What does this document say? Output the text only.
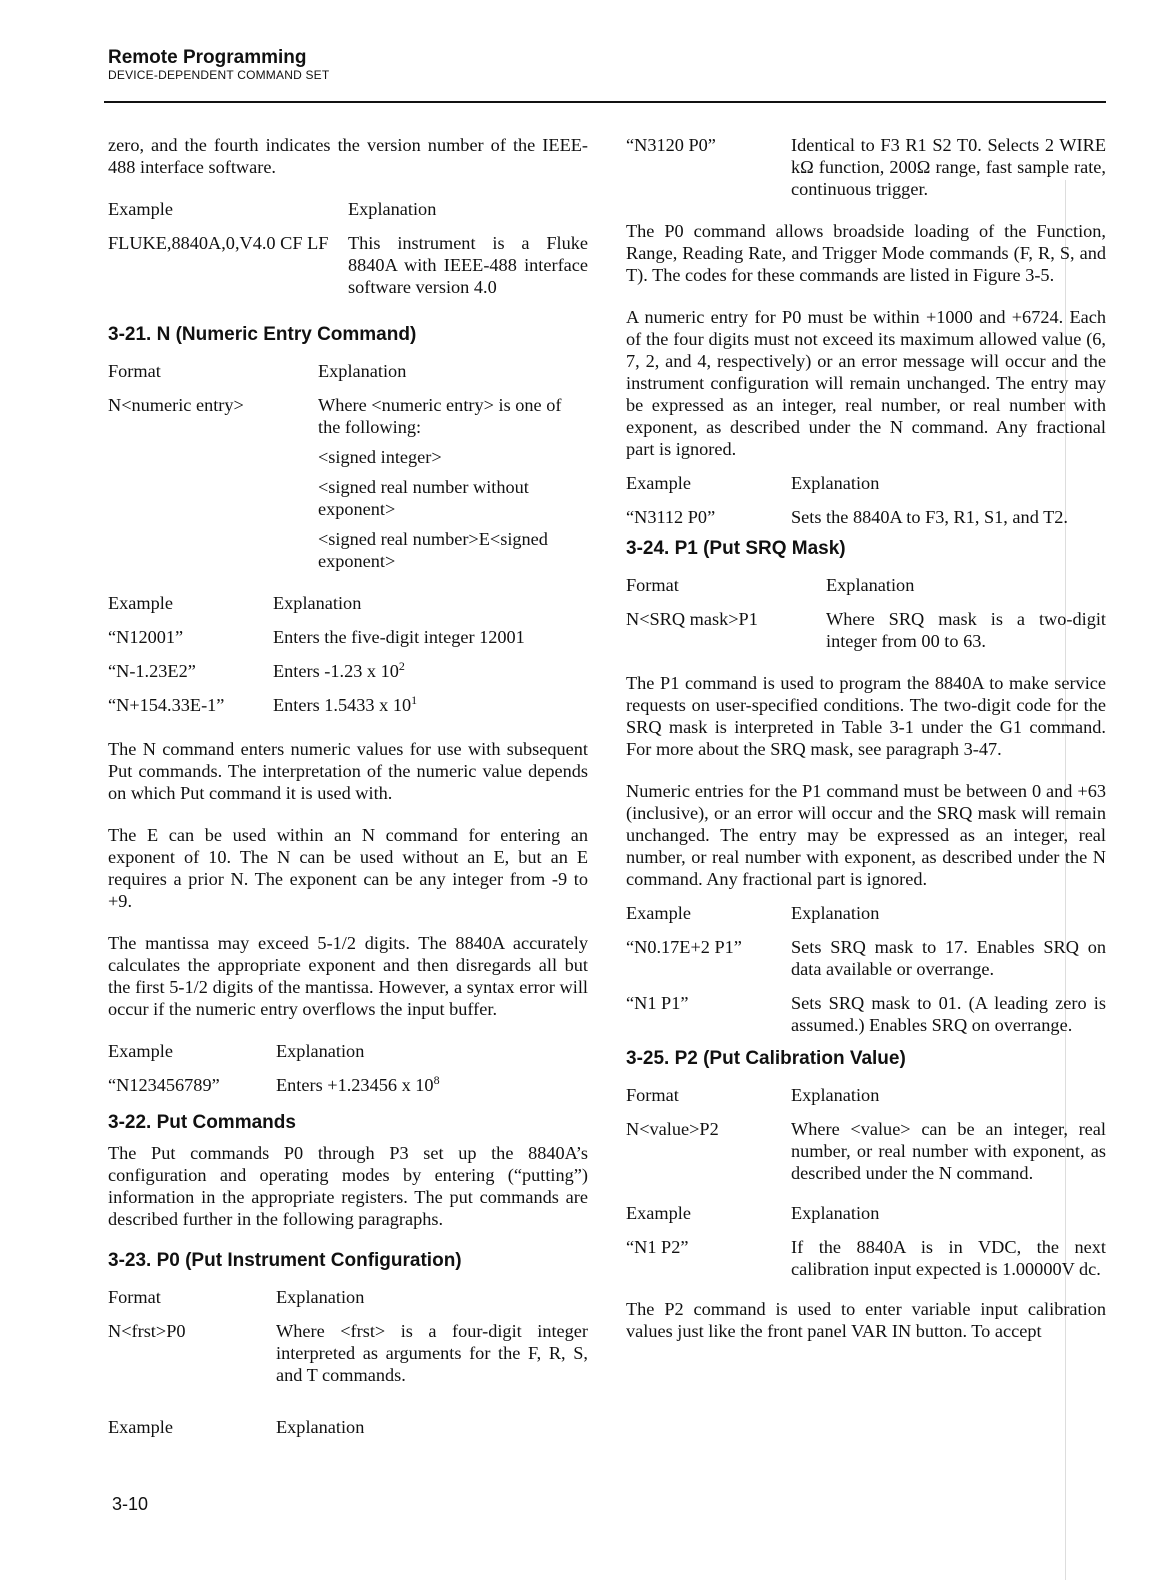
Remote Programming
DEVICE-DEPENDENT COMMAND SET

zero, and the fourth indicates the version number of the IEEE-488 interface software.

Example	Explanation
FLUKE,8840A,0,V4.0 CF LF	This instrument is a Fluke 8840A with IEEE-488 interface software version 4.0
3-21. N (Numeric Entry Command)
Format	Explanation
N<numeric entry>	Where <numeric entry> is one of the following:
<signed integer>
<signed real number without exponent>
<signed real number>E<signed exponent>
Example	Explanation
“N12001”	Enters the five-digit integer 12001
“N-1.23E2”	Enters -1.23 x $10^2$
“N+154.33E-1”	Enters 1.5433 x $10^1$

The N command enters numeric values for use with subsequent Put commands. The interpretation of the numeric value depends on which Put command it is used with.

The E can be used within an N command for entering an exponent of 10. The N can be used without an E, but an E requires a prior N. The exponent can be any integer from -9 to +9.

The mantissa may exceed 5-1/2 digits. The 8840A accurately calculates the appropriate exponent and then disregards all but the first 5-1/2 digits of the mantissa. However, a syntax error will occur if the numeric entry overflows the input buffer.

Example	Explanation
“N123456789”	Enters +1.23456 x $10^8$
3-22. Put Commands

The Put commands P0 through P3 set up the 8840A’s configuration and operating modes by entering (“putting”) information in the appropriate registers. The put commands are described further in the following paragraphs.

3-23. P0 (Put Instrument Configuration)
Format	Explanation
N<frst>P0	Where <frst> is a four-digit integer interpreted as arguments for the F, R, S, and T commands.
Example	Explanation
“N3120 P0”	Identical to F3 R1 S2 T0. Selects 2 WIRE kΩ function, 200Ω range, fast sample rate, continuous trigger.

The P0 command allows broadside loading of the Function, Range, Reading Rate, and Trigger Mode commands (F, R, S, and T). The codes for these commands are listed in Figure 3-5.

A numeric entry for P0 must be within +1000 and +6724. Each of the four digits must not exceed its maximum allowed value (6, 7, 2, and 4, respectively) or an error message will occur and the instrument configuration will remain unchanged. The entry may be expressed as an integer, real number, or real number with exponent, as described under the N command. Any fractional part is ignored.

Example	Explanation
“N3112 P0”	Sets the 8840A to F3, R1, S1, and T2.
3-24. P1 (Put SRQ Mask)
Format	Explanation
N<SRQ mask>P1	Where SRQ mask is a two-digit integer from 00 to 63.

The P1 command is used to program the 8840A to make service requests on user-specified conditions. The two-digit code for the SRQ mask is interpreted in Table 3-1 under the G1 command. For more about the SRQ mask, see paragraph 3-47.

Numeric entries for the P1 command must be between 0 and +63 (inclusive), or an error will occur and the SRQ mask will remain unchanged. The entry may be expressed as an integer, real number, or real number with exponent, as described under the N command. Any fractional part is ignored.

Example	Explanation
“N0.17E+2 P1”	Sets SRQ mask to 17. Enables SRQ on data available or overrange.
“N1 P1”	Sets SRQ mask to 01. (A leading zero is assumed.) Enables SRQ on overrange.
3-25. P2 (Put Calibration Value)
Format	Explanation
N<value>P2	Where <value> can be an integer, real number, or real number with exponent, as described under the N command.
Example	Explanation
“N1 P2”	If the 8840A is in VDC, the next calibration input expected is 1.00000V dc.

The P2 command is used to enter variable input calibration values just like the front panel VAR IN button. To accept

3-10
